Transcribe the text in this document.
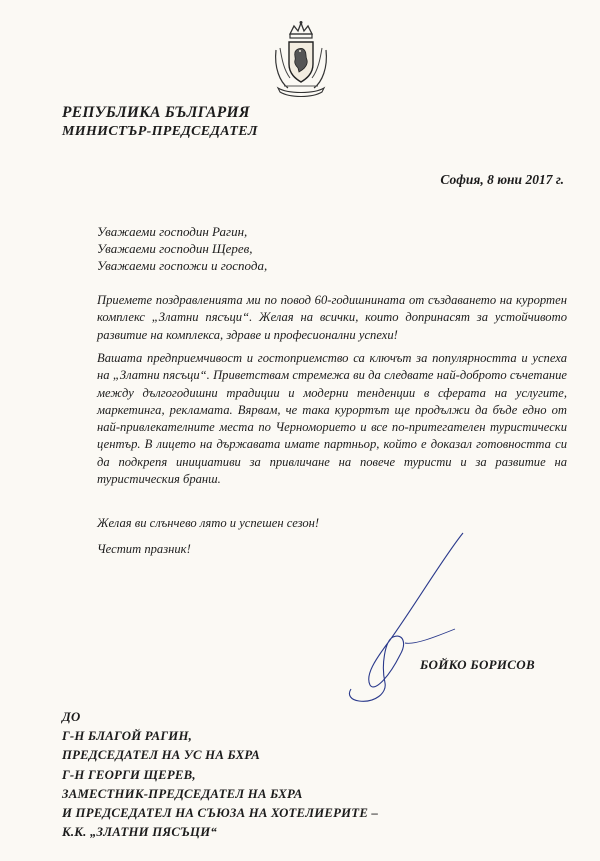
РЕПУБЛИКА БЪЛГАРИЯ
МИНИСТЪР-ПРЕДСЕДАТЕЛ
София, 8 юни 2017 г.
Уважаеми господин Рагин,
Уважаеми господин Щерев,
Уважаеми госпожи и господа,
Приемете поздравленията ми по повод 60-годишнината от създаването на курортен комплекс „Златни пясъци“. Желая на всички, които допринасят за устойчивото развитие на комплекса, здраве и професионални успехи!
Вашата предприемчивост и гостоприемство са ключът за популярността и успеха на „Златни пясъци“. Приветствам стремежа ви да следвате най-доброто съчетание между дългогодишни традиции и модерни тенденции в сферата на услугите, маркетинга, рекламата. Вярвам, че така курортът ще продължи да бъде едно от най-привлекателните места по Черноморието и все по-притегателен туристически център. В лицето на държавата имате партньор, който е доказал готовността си да подкрепя инициативи за привличане на повече туристи и за развитие на туристическия бранш.
Желая ви слънчево лято и успешен сезон!
Честит празник!
БОЙКО БОРИСОВ
ДО
Г-Н БЛАГОЙ РАГИН,
ПРЕДСЕДАТЕЛ НА УС НА БХРА
Г-Н ГЕОРГИ ЩЕРЕВ,
ЗАМЕСТНИК-ПРЕДСЕДАТЕЛ НА БХРА
И ПРЕДСЕДАТЕЛ НА СЪЮЗА НА ХОТЕЛИЕРИТЕ –
К.К. „ЗЛАТНИ ПЯСЪЦИ“
